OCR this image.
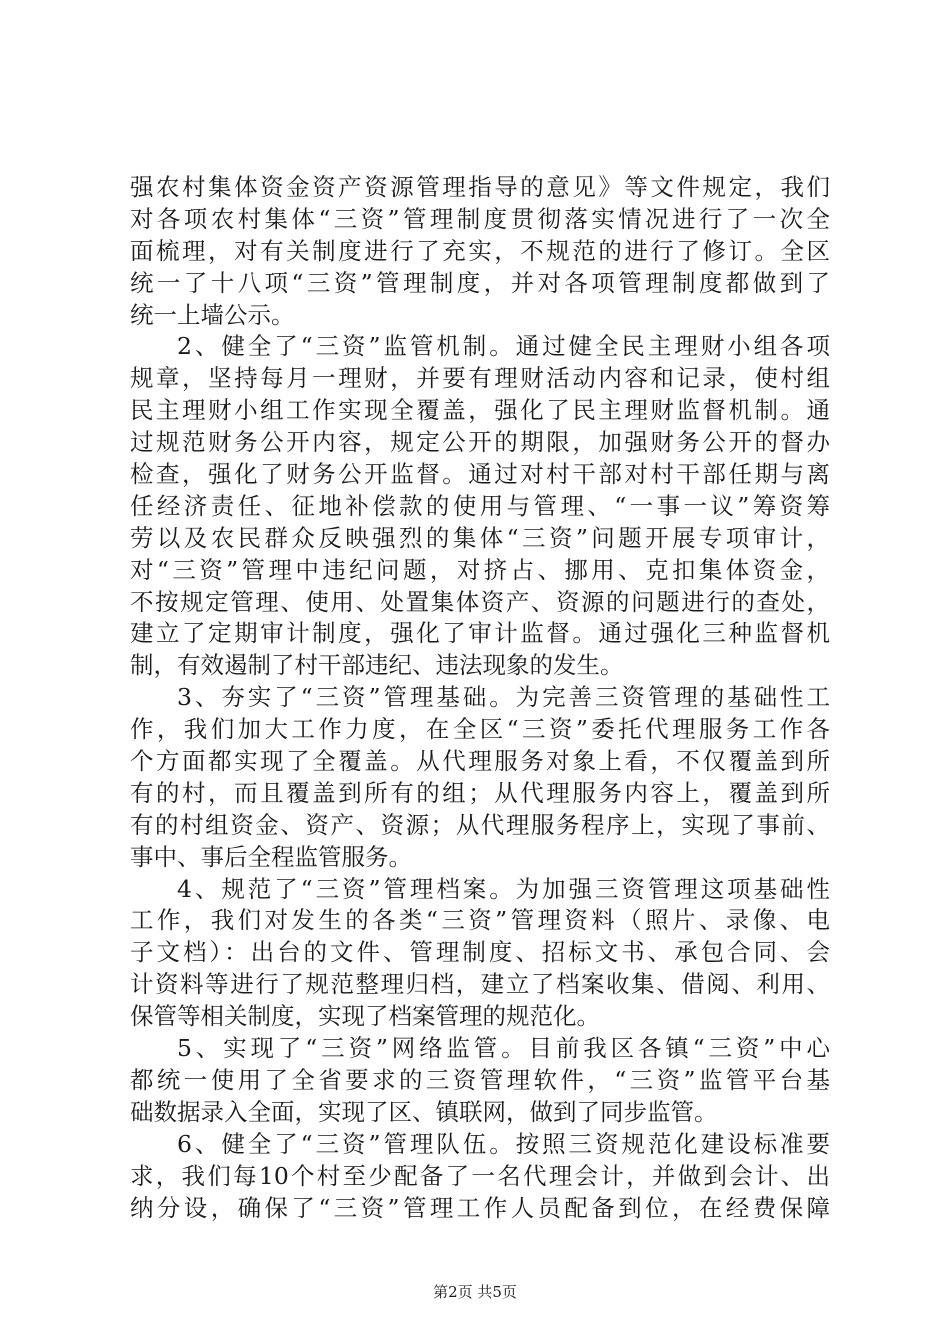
强农村集体资金资产资源管理指导的意见》等文件规定，我们
对各项农村集体“三资”管理制度贯彻落实情况进行了一次全
面梳理，对有关制度进行了充实，不规范的进行了修订。全区
统一了十八项“三资”管理制度，并对各项管理制度都做到了
统一上墙公示。
2、健全了“三资”监管机制。通过健全民主理财小组各项
规章，坚持每月一理财，并要有理财活动内容和记录，使村组
民主理财小组工作实现全覆盖，强化了民主理财监督机制。通
过规范财务公开内容，规定公开的期限，加强财务公开的督办
检查，强化了财务公开监督。通过对村干部对村干部任期与离
任经济责任、征地补偿款的使用与管理、“一事一议”筹资筹
劳以及农民群众反映强烈的集体“三资”问题开展专项审计，
对“三资”管理中违纪问题，对挤占、挪用、克扣集体资金，
不按规定管理、使用、处置集体资产、资源的问题进行的查处，
建立了定期审计制度，强化了审计监督。通过强化三种监督机
制，有效遏制了村干部违纪、违法现象的发生。
3、夯实了“三资”管理基础。为完善三资管理的基础性工
作，我们加大工作力度，在全区“三资”委托代理服务工作各
个方面都实现了全覆盖。从代理服务对象上看，不仅覆盖到所
有的村，而且覆盖到所有的组；从代理服务内容上，覆盖到所
有的村组资金、资产、资源；从代理服务程序上，实现了事前、
事中、事后全程监管服务。
4、规范了“三资”管理档案。为加强三资管理这项基础性
工作，我们对发生的各类“三资”管理资料（照片、录像、电
子文档）：出台的文件、管理制度、招标文书、承包合同、会
计资料等进行了规范整理归档，建立了档案收集、借阅、利用、
保管等相关制度，实现了档案管理的规范化。
5、实现了“三资”网络监管。目前我区各镇“三资”中心
都统一使用了全省要求的三资管理软件，“三资”监管平台基
础数据录入全面，实现了区、镇联网，做到了同步监管。
6、健全了“三资”管理队伍。按照三资规范化建设标准要
求，我们每10个村至少配备了一名代理会计，并做到会计、出
纳分设，确保了“三资”管理工作人员配备到位，在经费保障
第2页 共5页
